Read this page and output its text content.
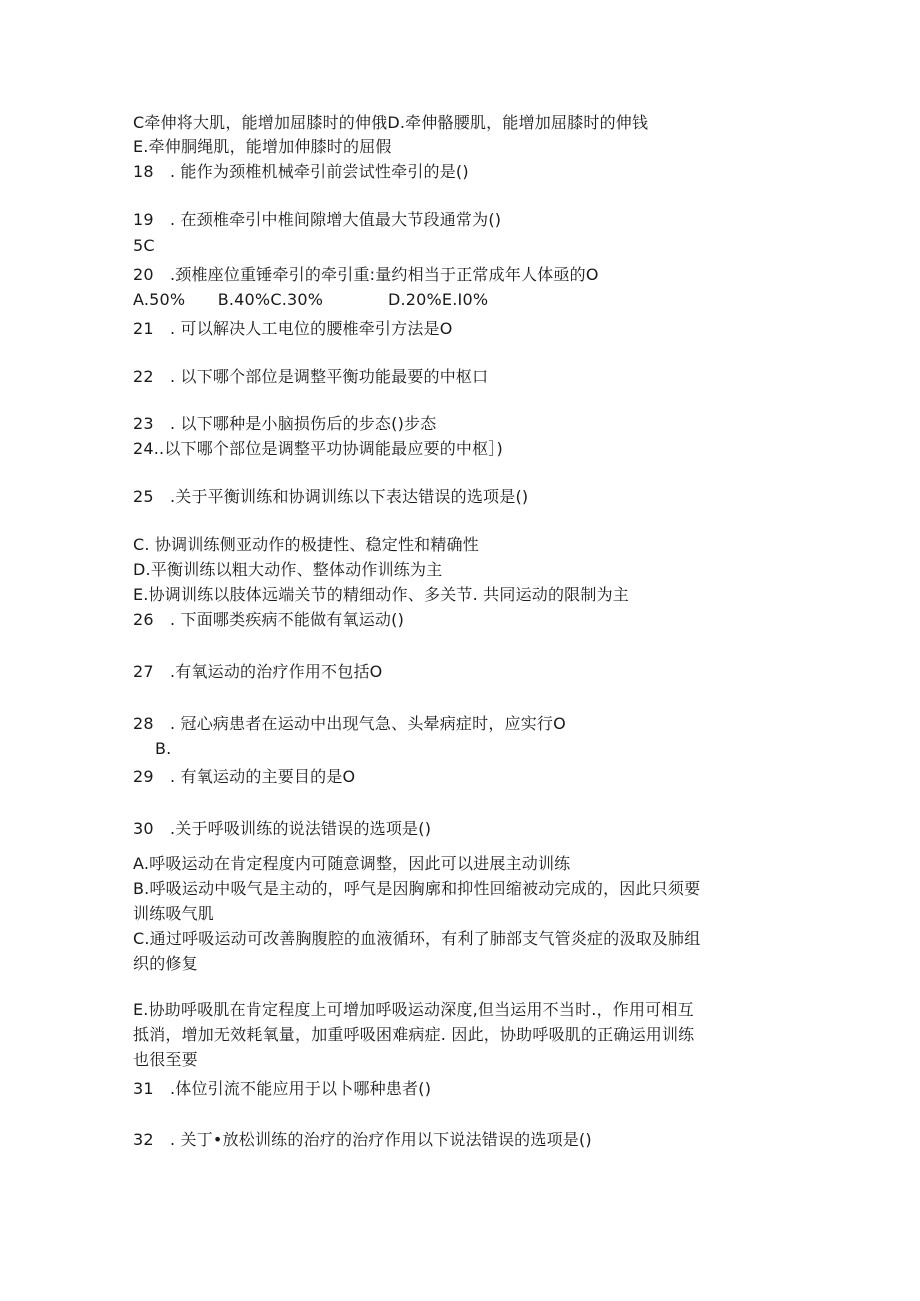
C牵伸将大肌，能增加屈膝时的伸俄D.牵伸骼腰肌，能增加屈膝时的伸钱
E.牵伸胴绳肌，能增加伸膝时的屈假
18　. 能作为颈椎机械牵引前尝试性牵引的是()
19　. 在颈椎牵引中椎间隙增大值最大节段通常为()
5C
20　.颈椎座位重锤牵引的牵引重:量约相当于正常成年人体亟的O
A.50%　　B.40%C.30%　　　　D.20%E.I0%
21　. 可以解决人工电位的腰椎牵引方法是O
22　. 以下哪个部位是调整平衡功能最要的中枢口
23　. 以下哪种是小脑损伤后的步态()步态
24..以下哪个部位是调整平功协调能最应要的中枢］)
25　.关于平衡训练和协调训练以下表达错误的选项是()
C. 协调训练侧亚动作的极捷性、稳定性和精确性
D.平衡训练以粗大动作、整体动作训练为主
E.协调训练以肢体远端关节的精细动作、多关节. 共同运动的限制为主
26　. 下面哪类疾病不能做有氧运动()
27　.有氧运动的治疗作用不包括O
28　. 冠心病患者在运动中出现气急、头晕病症时，应实行O
B.
29　. 有氧运动的主要目的是O
30　.关于呼吸训练的说法错误的选项是()
A.呼吸运动在肯定程度内可随意调整，因此可以进展主动训练
B.呼吸运动中吸气是主动的，呼气是因胸廓和抑性回缩被动完成的，因此只须要
训练吸气肌
C.通过呼吸运动可改善胸腹腔的血液循环，有利了肺部支气管炎症的汲取及肺组
织的修复
E.协助呼吸肌在肯定程度上可增加呼吸运动深度,但当运用不当时.，作用可相互
抵消，增加无效耗氧量，加重呼吸困难病症. 因此，协助呼吸肌的正确运用训练
也很至要
31　.体位引流不能应用于以卜哪种患者()
32　. 关丁•放松训练的治疗的治疗作用以下说法错误的选项是()
